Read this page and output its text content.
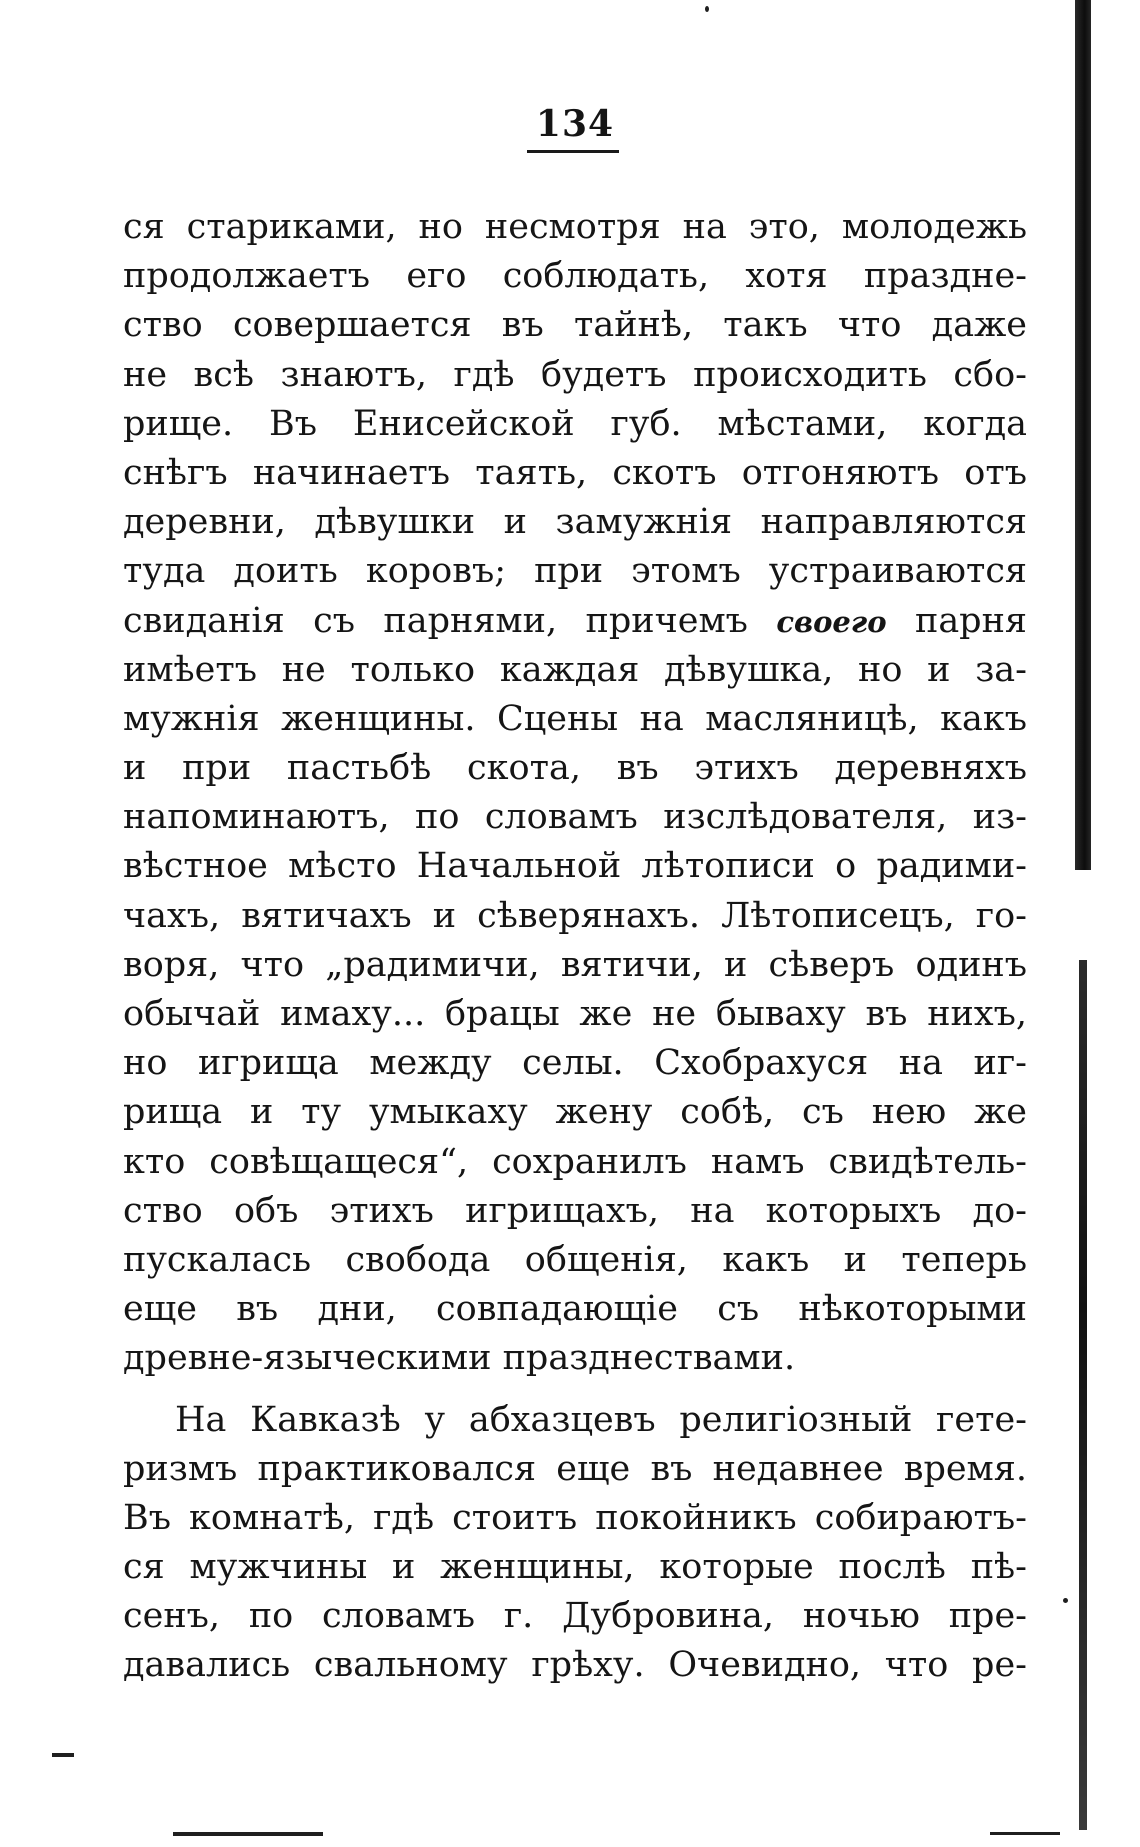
134
ся стариками, но несмотря на это, молодежь
продолжаетъ его соблюдать, хотя праздне-
ство совершается въ тайнѣ, такъ что даже
не всѣ знаютъ, гдѣ будетъ происходить сбо-
рище. Въ Енисейской губ. мѣстами, когда
снѣгъ начинаетъ таять, скотъ отгоняютъ отъ
деревни, дѣвушки и замужнія направляются
туда доить коровъ; при этомъ устраиваются
свиданія съ парнями, причемъ своего парня
имѣетъ не только каждая дѣвушка, но и за-
мужнія женщины. Сцены на масляницѣ, какъ
и при пастьбѣ скота, въ этихъ деревняхъ
напоминаютъ, по словамъ изслѣдователя, из-
вѣстное мѣсто Начальной лѣтописи о радими-
чахъ, вятичахъ и сѣверянахъ. Лѣтописецъ, го-
воря, что „радимичи, вятичи, и сѣверъ одинъ
обычай имаху... брацы же не бываху въ нихъ,
но игрища между селы. Схобрахуся на иг-
рища и ту умыкаху жену собѣ, съ нею же
кто совѣщащеся“, сохранилъ намъ свидѣтель-
ство объ этихъ игрищахъ, на которыхъ до-
пускалась свобода общенія, какъ и теперь
еще въ дни, совпадающіе съ нѣкоторыми
древне-языческими празднествами.
На Кавказѣ у абхазцевъ религіозный гете-
ризмъ практиковался еще въ недавнее время.
Въ комнатѣ, гдѣ стоитъ покойникъ собираютъ-
ся мужчины и женщины, которые послѣ пѣ-
сенъ, по словамъ г. Дубровина, ночью пре-
давались свальному грѣху. Очевидно, что ре-
